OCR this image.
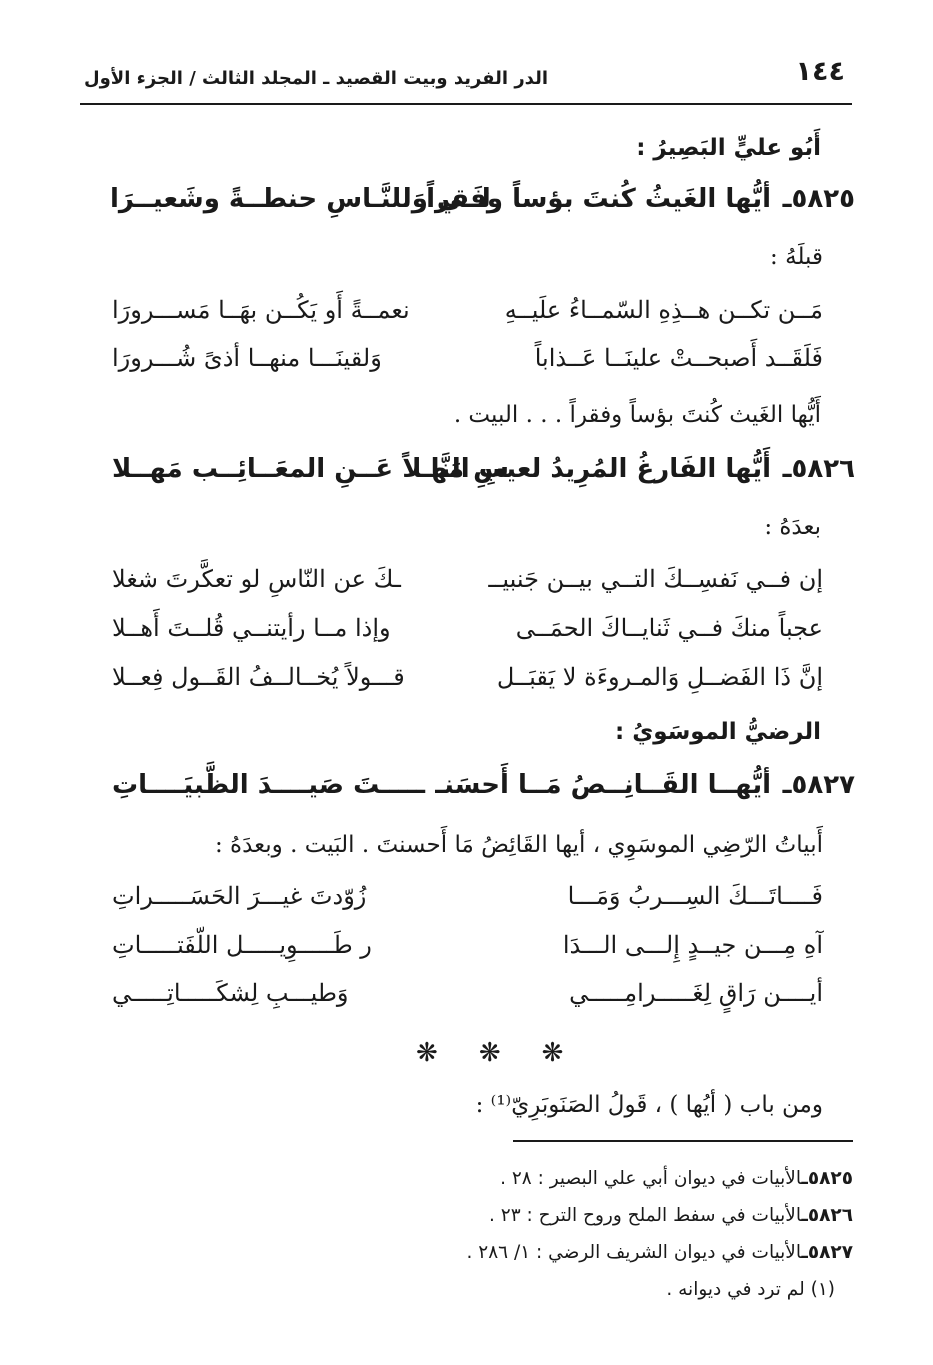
١٤٤
الدر الفريد وبيت القصيد ـ المجلد الثالث / الجزء الأول
أَبُو عليٍّ البَصِيرُ :
٥٨٢٥ـ
أيُّها الغَيثُ كُنتَ بؤساً وفَقراً
لــي وَللنَّـاسِ حنطــةً وشَعيــرَا
قبلَهُ :
مَــن تكــن هــذِهِ السّمــاءُ علَيــهِ
نعمــةً أَو يَكُــن بهَــا مَســـرورَا
فَلَقَــد أَصبحــتْ علينَــا عَــذاباً
وَلقينَـــا منهــا أذىً شُـــرورَا
أَيُّها الغَيث كُنتَ بؤساً وفقراً . . . البيت .
٥٨٢٦ـ
أَيُّها الفَارغُ المُرِيدُ لعيبِ النَّا
سِ مَهـلاً عَــنِ المعَــائِــب مَهــلا
بعدَهُ :
إن فــي نَفسِــكَ التــي بيــن جَنبيــ
ـكَ عن النّاسِ لو تعكَّرتَ شغلا
عجباً منكَ فــي ثَنايــاكَ الحمَــى
وإذا مــا رأيتنــي قُلــتَ أَهــلا
إنَّ ذَا الفَضــلِ وَالمـروءَة لا يَقبَــل
قـــولاً يُخــالــفُ القَــول فِعــلا
الرضيُّ الموسَويُ :
٥٨٢٧ـ
أيُّهــا القَــانِــصُ مَــا أَحسَنـ
ـــــتَ صَيــــدَ الظَّبيَــــاتِ
أَبياتُ الرّضِي الموسَوِي ، أيها القَائِضُ مَا أَحسنتَ . البَيت . وبعدَهُ :
فَــــاتَـــكَ السِـــربُ وَمَـــا
زُوّدتَ غيـــرَ الحَسَـــــراتِ
آهِ مِـــن جيــدٍ إِلـــى الـــدَا
ر طَـــــوِيـــــل اللّفَتـــــاتِ
أيــــن رَاقٍ لِغَـــــرامِـــــي
وَطيـــبِ لِشكَـــــاتِـــــي
❋ ❋ ❋
ومن باب ( أيُها ) ، قَولُ الصَنَوبَرِيّ⁽¹⁾ :
٥٨٢٥ـالأبيات في ديوان أبي علي البصير : ٢٨ .
٥٨٢٦ـالأبيات في سفط الملح وروح الترح : ٢٣ .
٥٨٢٧ـالأبيات في ديوان الشريف الرضي : ١/ ٢٨٦ .
(١) لم ترد في ديوانه .
